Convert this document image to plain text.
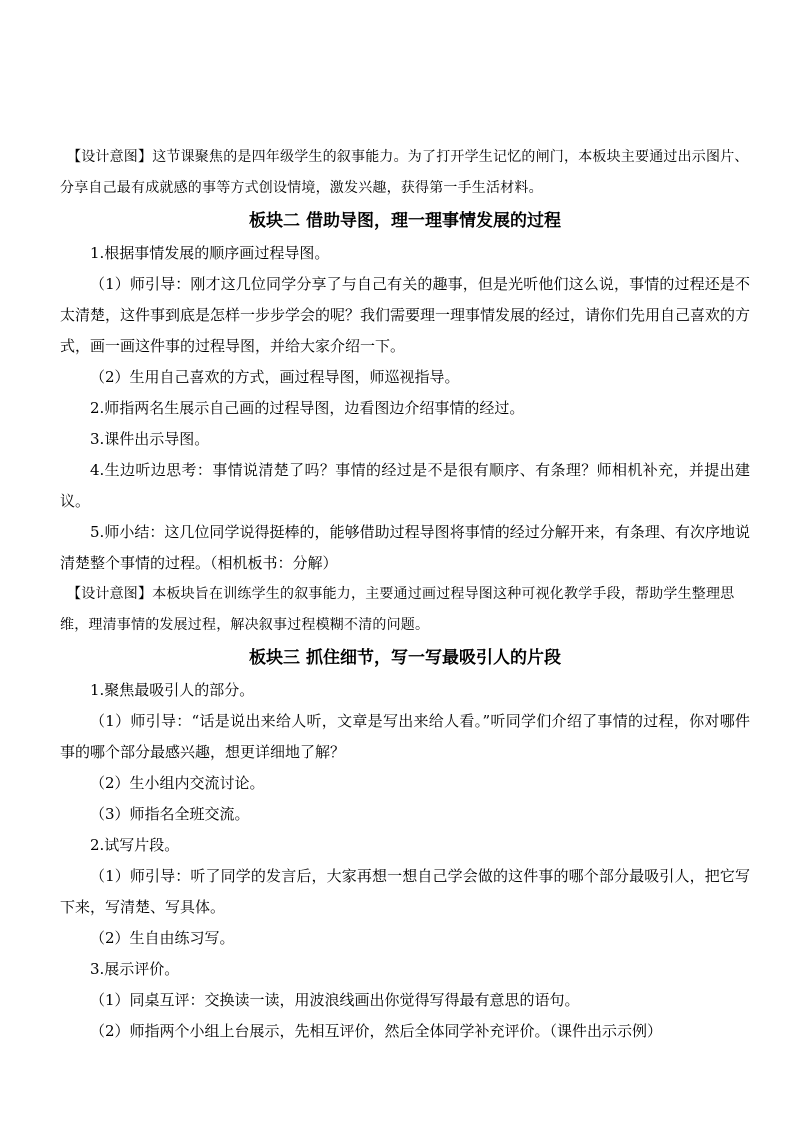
【设计意图】这节课聚焦的是四年级学生的叙事能力。为了打开学生记忆的闸门，本板块主要通过出示图片、分享自己最有成就感的事等方式创设情境，激发兴趣，获得第一手生活材料。

板块二 借助导图，理一理事情发展的过程

1.根据事情发展的顺序画过程导图。

（1）师引导：刚才这几位同学分享了与自己有关的趣事，但是光听他们这么说，事情的过程还是不太清楚，这件事到底是怎样一步步学会的呢？我们需要理一理事情发展的经过，请你们先用自己喜欢的方式，画一画这件事的过程导图，并给大家介绍一下。

（2）生用自己喜欢的方式，画过程导图，师巡视指导。

2.师指两名生展示自己画的过程导图，边看图边介绍事情的经过。

3.课件出示导图。

4.生边听边思考：事情说清楚了吗？事情的经过是不是很有顺序、有条理？师相机补充，并提出建议。

5.师小结：这几位同学说得挺棒的，能够借助过程导图将事情的经过分解开来，有条理、有次序地说清楚整个事情的过程。（相机板书：分解）

【设计意图】本板块旨在训练学生的叙事能力，主要通过画过程导图这种可视化教学手段，帮助学生整理思维，理清事情的发展过程，解决叙事过程模糊不清的问题。

板块三 抓住细节，写一写最吸引人的片段

1.聚焦最吸引人的部分。

（1）师引导：“话是说出来给人听，文章是写出来给人看。”听同学们介绍了事情的过程，你对哪件事的哪个部分最感兴趣，想更详细地了解？

（2）生小组内交流讨论。

（3）师指名全班交流。

2.试写片段。

（1）师引导：听了同学的发言后，大家再想一想自己学会做的这件事的哪个部分最吸引人，把它写下来，写清楚、写具体。

（2）生自由练习写。

3.展示评价。

（1）同桌互评：交换读一读，用波浪线画出你觉得写得最有意思的语句。

（2）师指两个小组上台展示，先相互评价，然后全体同学补充评价。（课件出示示例）
